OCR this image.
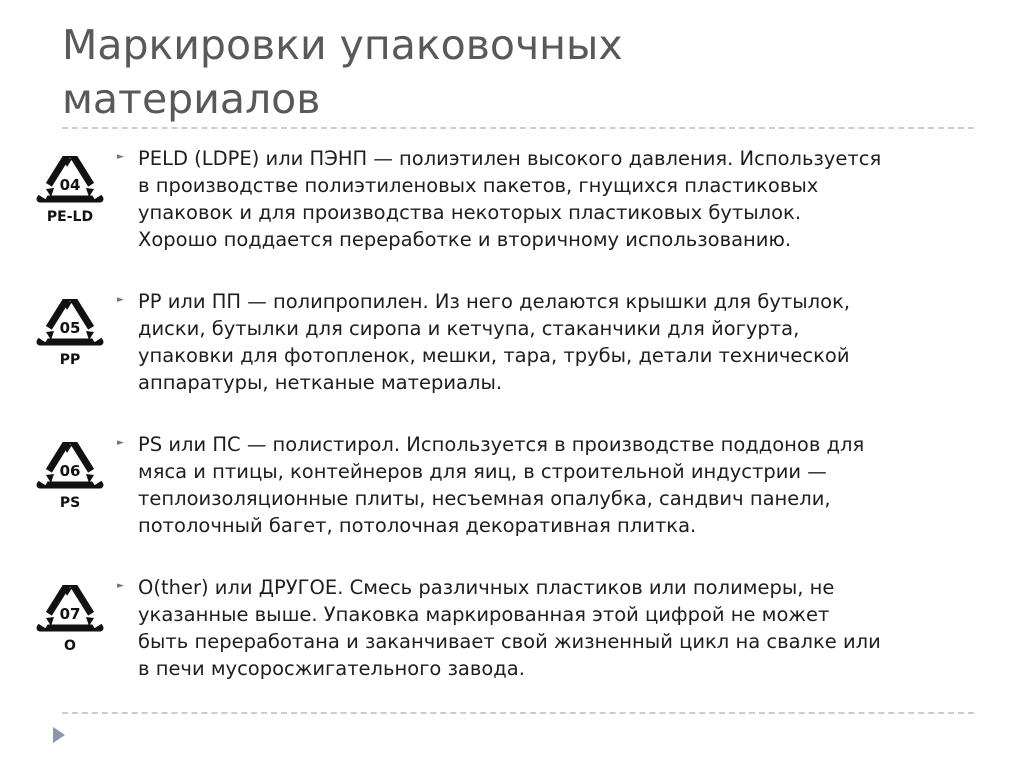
Маркировки упаковочных
материалов
04
PE-LD
► PELD (LDPE) или ПЭНП — полиэтилен высокого давления. Используется
в производстве полиэтиленовых пакетов, гнущихся пластиковых
упаковок и для производства некоторых пластиковых бутылок.
Хорошо поддается переработке и вторичному использованию.

05
PP
► PP или ПП — полипропилен. Из него делаются крышки для бутылок,
диски, бутылки для сиропа и кетчупа, стаканчики для йогурта,
упаковки для фотопленок, мешки, тара, трубы, детали технической
аппаратуры, нетканые материалы.

06
PS
► PS или ПС — полистирол. Используется в производстве поддонов для
мяса и птицы, контейнеров для яиц, в строительной индустрии —
теплоизоляционные плиты, несъемная опалубка, сандвич панели,
потолочный багет, потолочная декоративная плитка.

07
O
► O(ther) или ДРУГОЕ. Смесь различных пластиков или полимеры, не
указанные выше. Упаковка маркированная этой цифрой не может
быть переработана и заканчивает свой жизненный цикл на свалке или
в печи мусоросжигательного завода.
